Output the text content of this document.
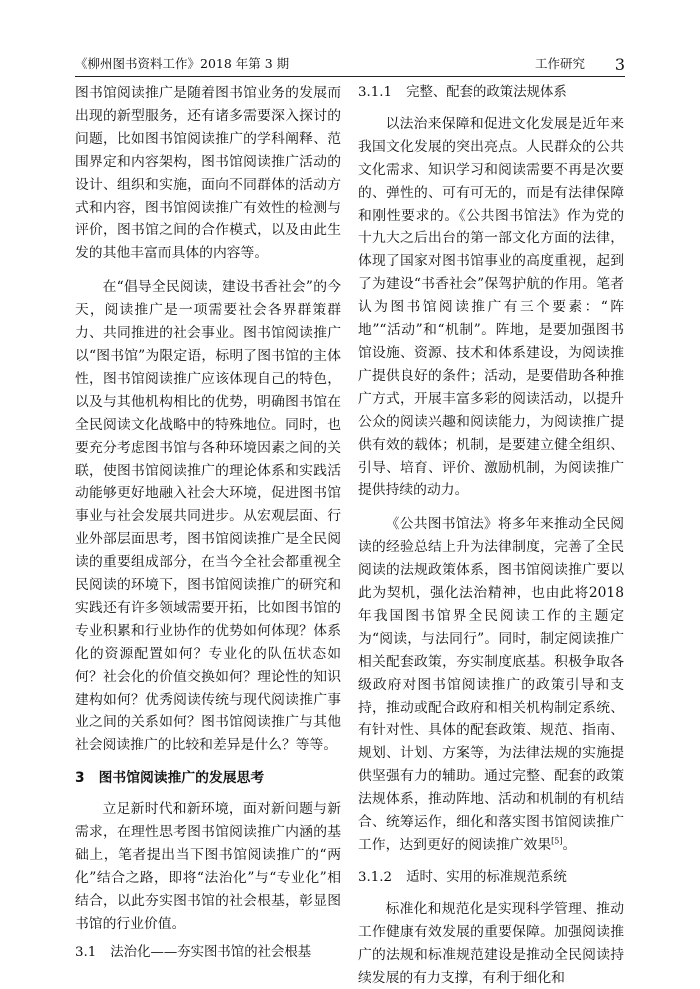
《柳州图书资料工作》2018 年第 3 期	工作研究 3

图书馆阅读推广是随着图书馆业务的发展而出现的新型服务，还有诸多需要深入探讨的问题，比如图书馆阅读推广的学科阐释、范围界定和内容架构，图书馆阅读推广活动的设计、组织和实施，面向不同群体的活动方式和内容，图书馆阅读推广有效性的检测与评价，图书馆之间的合作模式，以及由此生发的其他丰富而具体的内容等。

在“倡导全民阅读，建设书香社会”的今天，阅读推广是一项需要社会各界群策群力、共同推进的社会事业。图书馆阅读推广以“图书馆”为限定语，标明了图书馆的主体性，图书馆阅读推广应该体现自己的特色，以及与其他机构相比的优势，明确图书馆在全民阅读文化战略中的特殊地位。同时，也要充分考虑图书馆与各种环境因素之间的关联，使图书馆阅读推广的理论体系和实践活动能够更好地融入社会大环境，促进图书馆事业与社会发展共同进步。从宏观层面、行业外部层面思考，图书馆阅读推广是全民阅读的重要组成部分，在当今全社会都重视全民阅读的环境下，图书馆阅读推广的研究和实践还有许多领域需要开拓，比如图书馆的专业积累和行业协作的优势如何体现？体系化的资源配置如何？专业化的队伍状态如何？社会化的价值交换如何？理论性的知识建构如何？优秀阅读传统与现代阅读推广事业之间的关系如何？图书馆阅读推广与其他社会阅读推广的比较和差异是什么？等等。

3 图书馆阅读推广的发展思考

立足新时代和新环境，面对新问题与新需求，在理性思考图书馆阅读推广内涵的基础上，笔者提出当下图书馆阅读推广的“两化”结合之路，即将“法治化”与“专业化”相结合，以此夯实图书馆的社会根基，彰显图书馆的行业价值。

3.1 法治化——夯实图书馆的社会根基
3.1.1 完整、配套的政策法规体系

以法治来保障和促进文化发展是近年来我国文化发展的突出亮点。人民群众的公共文化需求、知识学习和阅读需要不再是次要的、弹性的、可有可无的，而是有法律保障和刚性要求的。《公共图书馆法》作为党的十九大之后出台的第一部文化方面的法律，体现了国家对图书馆事业的高度重视，起到了为建设“书香社会”保驾护航的作用。笔者认为图书馆阅读推广有三个要素：“阵地”“活动”和“机制”。阵地，是要加强图书馆设施、资源、技术和体系建设，为阅读推广提供良好的条件；活动，是要借助各种推广方式，开展丰富多彩的阅读活动，以提升公众的阅读兴趣和阅读能力，为阅读推广提供有效的载体；机制，是要建立健全组织、引导、培育、评价、激励机制，为阅读推广提供持续的动力。

《公共图书馆法》将多年来推动全民阅读的经验总结上升为法律制度，完善了全民阅读的法规政策体系，图书馆阅读推广要以此为契机，强化法治精神，也由此将2018 年我国图书馆界全民阅读工作的主题定为“阅读，与法同行”。同时，制定阅读推广相关配套政策，夯实制度底基。积极争取各级政府对图书馆阅读推广的政策引导和支持，推动或配合政府和相关机构制定系统、有针对性、具体的配套政策、规范、指南、规划、计划、方案等，为法律法规的实施提供坚强有力的辅助。通过完整、配套的政策法规体系，推动阵地、活动和机制的有机结合、统筹运作，细化和落实图书馆阅读推广工作，达到更好的阅读推广效果[5]。

3.1.2 适时、实用的标准规范系统

标准化和规范化是实现科学管理、推动工作健康有效发展的重要保障。加强阅读推广的法规和标准规范建设是推动全民阅读持续发展的有力支撑，有利于细化和
